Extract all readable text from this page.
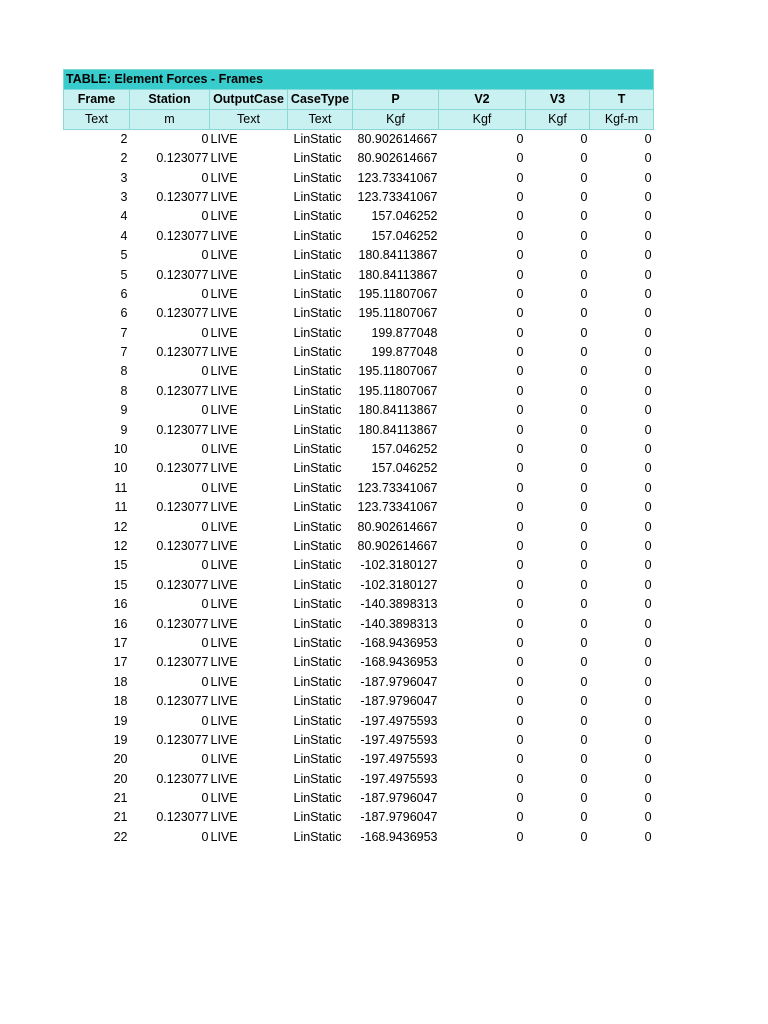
TABLE: Element Forces - Frames							
Frame	Station	OutputCase	CaseType	P	V2	V3	T
Text	m	Text	Text	Kgf	Kgf	Kgf	Kgf-m
2	0	LIVE	LinStatic	80.902614667	0	0	0
2	0.123077	LIVE	LinStatic	80.902614667	0	0	0
3	0	LIVE	LinStatic	123.73341067	0	0	0
3	0.123077	LIVE	LinStatic	123.73341067	0	0	0
4	0	LIVE	LinStatic	157.046252	0	0	0
4	0.123077	LIVE	LinStatic	157.046252	0	0	0
5	0	LIVE	LinStatic	180.84113867	0	0	0
5	0.123077	LIVE	LinStatic	180.84113867	0	0	0
6	0	LIVE	LinStatic	195.11807067	0	0	0
6	0.123077	LIVE	LinStatic	195.11807067	0	0	0
7	0	LIVE	LinStatic	199.877048	0	0	0
7	0.123077	LIVE	LinStatic	199.877048	0	0	0
8	0	LIVE	LinStatic	195.11807067	0	0	0
8	0.123077	LIVE	LinStatic	195.11807067	0	0	0
9	0	LIVE	LinStatic	180.84113867	0	0	0
9	0.123077	LIVE	LinStatic	180.84113867	0	0	0
10	0	LIVE	LinStatic	157.046252	0	0	0
10	0.123077	LIVE	LinStatic	157.046252	0	0	0
11	0	LIVE	LinStatic	123.73341067	0	0	0
11	0.123077	LIVE	LinStatic	123.73341067	0	0	0
12	0	LIVE	LinStatic	80.902614667	0	0	0
12	0.123077	LIVE	LinStatic	80.902614667	0	0	0
15	0	LIVE	LinStatic	-102.3180127	0	0	0
15	0.123077	LIVE	LinStatic	-102.3180127	0	0	0
16	0	LIVE	LinStatic	-140.3898313	0	0	0
16	0.123077	LIVE	LinStatic	-140.3898313	0	0	0
17	0	LIVE	LinStatic	-168.9436953	0	0	0
17	0.123077	LIVE	LinStatic	-168.9436953	0	0	0
18	0	LIVE	LinStatic	-187.9796047	0	0	0
18	0.123077	LIVE	LinStatic	-187.9796047	0	0	0
19	0	LIVE	LinStatic	-197.4975593	0	0	0
19	0.123077	LIVE	LinStatic	-197.4975593	0	0	0
20	0	LIVE	LinStatic	-197.4975593	0	0	0
20	0.123077	LIVE	LinStatic	-197.4975593	0	0	0
21	0	LIVE	LinStatic	-187.9796047	0	0	0
21	0.123077	LIVE	LinStatic	-187.9796047	0	0	0
22	0	LIVE	LinStatic	-168.9436953	0	0	0
